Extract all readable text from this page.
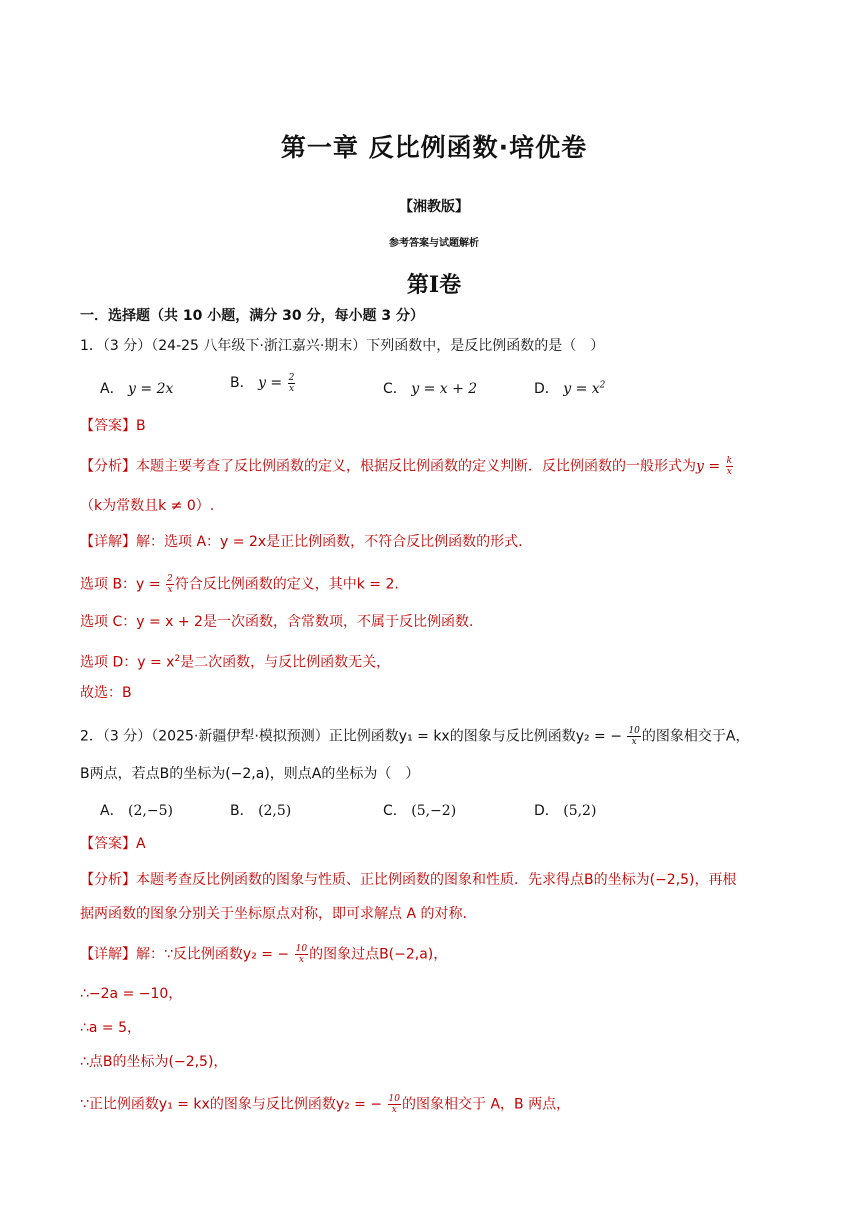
第一章 反比例函数·培优卷
【湘教版】
参考答案与试题解析
第Ⅰ卷
一．选择题（共 10 小题，满分 30 分，每小题 3 分）
1．（3 分）（24-25 八年级下·浙江嘉兴·期末）下列函数中，是反比例函数的是（　）
A． y = 2x	B． $y = \frac{2}{x}$	C． y = x + 2	D． $y = x^2$
【答案】B
【分析】本题主要考查了反比例函数的定义，根据反比例函数的定义判断．反比例函数的一般形式为$y = \frac{k}{x}$
（k为常数且k ≠ 0）.
【详解】解：选项 A：y = 2x是正比例函数，不符合反比例函数的形式.
选项 B：$y = \frac{2}{x}$ 符合反比例函数的定义，其中k = 2.
选项 C：y = x + 2是一次函数，含常数项，不属于反比例函数.
选项 D：$y = x^2$是二次函数，与反比例函数无关，
故选：B
2．（3 分）（2025·新疆伊犁·模拟预测）正比例函数y₁ = kx的图象与反比例函数y₂ = − $\frac{10}{x}$ 的图象相交于A，
B两点，若点B的坐标为(−2,a)，则点A的坐标为（　）
A． (2,−5)	B． (2,5)	C． (5,−2)	D． (5,2)
【答案】A
【分析】本题考查反比例函数的图象与性质、正比例函数的图象和性质．先求得点B的坐标为(−2,5)，再根
据两函数的图象分别关于坐标原点对称，即可求解点 A 的对称.
【详解】解：∵反比例函数y₂ = − $\frac{10}{x}$ 的图象过点B(−2,a)，
∴−2a = −10，
∴a = 5，
∴点B的坐标为(−2,5)，
∵正比例函数y₁ = kx的图象与反比例函数y₂ = − $\frac{10}{x}$ 的图象相交于 A，B 两点，
